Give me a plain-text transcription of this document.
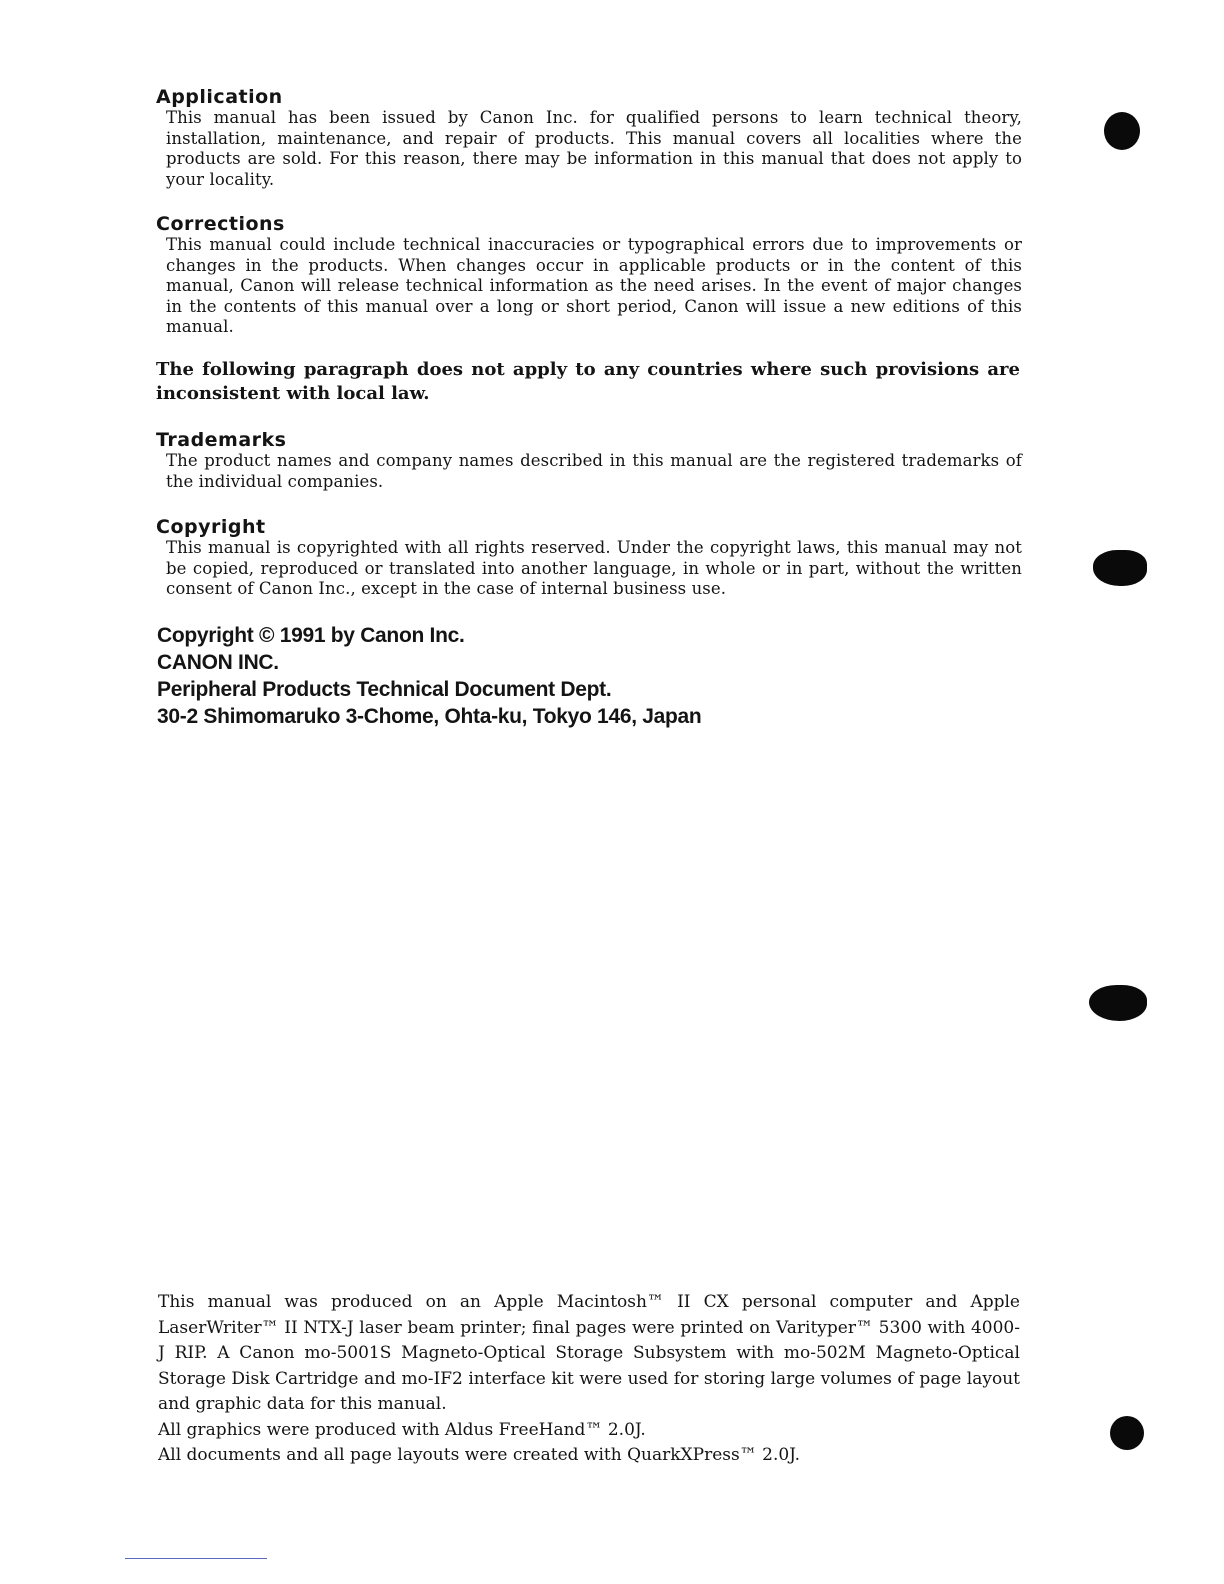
Application

This manual has been issued by Canon Inc. for qualified persons to learn technical theory, installation, maintenance, and repair of products. This manual covers all localities where the products are sold. For this reason, there may be information in this manual that does not apply to your locality.

Corrections

This manual could include technical inaccuracies or typographical errors due to improvements or changes in the products. When changes occur in applicable products or in the content of this manual, Canon will release technical information as the need arises. In the event of major changes in the contents of this manual over a long or short period, Canon will issue a new editions of this manual.

The following paragraph does not apply to any countries where such provisions are inconsistent with local law.

Trademarks

The product names and company names described in this manual are the registered trademarks of the individual companies.

Copyright

This manual is copyrighted with all rights reserved. Under the copyright laws, this manual may not be copied, reproduced or translated into another language, in whole or in part, without the written consent of Canon Inc., except in the case of internal business use.

Copyright © 1991 by Canon Inc.
CANON INC.
Peripheral Products Technical Document Dept.
30-2 Shimomaruko 3-Chome, Ohta-ku, Tokyo 146, Japan

This manual was produced on an Apple Macintosh™ II CX personal computer and Apple LaserWriter™ II NTX-J laser beam printer; final pages were printed on Varityper™ 5300 with 4000-J RIP. A Canon mo-5001S Magneto-Optical Storage Subsystem with mo-502M Magneto-Optical Storage Disk Cartridge and mo-IF2 interface kit were used for storing large volumes of page layout and graphic data for this manual.

All graphics were produced with Aldus FreeHand™ 2.0J.

All documents and all page layouts were created with QuarkXPress™ 2.0J.
